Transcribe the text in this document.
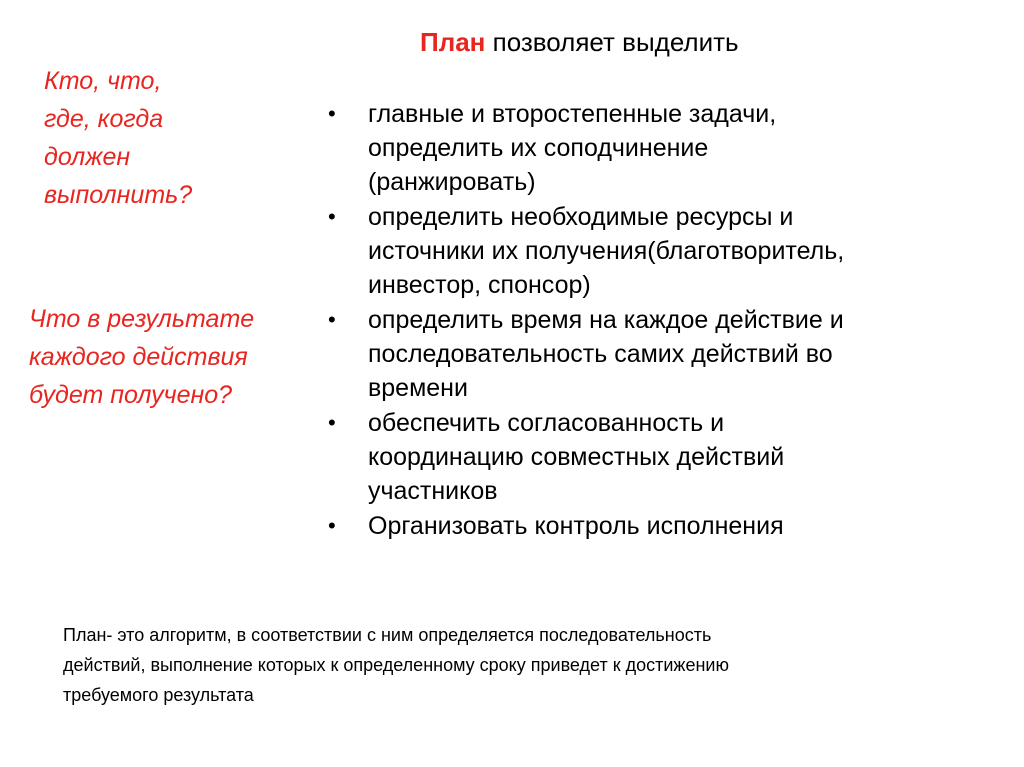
План позволяет выделить
Кто, что,
где, когда
должен
выполнить?
Что в результате
каждого действия
будет получено?
• главные и второстепенные задачи,
определить их соподчинение
(ранжировать)
• определить необходимые ресурсы и
источники их получения(благотворитель,
инвестор, спонсор)
• определить время на каждое действие и
последовательность самих действий во
времени
• обеспечить согласованность и
координацию совместных действий
участников
• Организовать контроль исполнения
План- это алгоритм, в соответствии с ним определяется последовательность
действий, выполнение которых к определенному сроку приведет к достижению
требуемого результата
